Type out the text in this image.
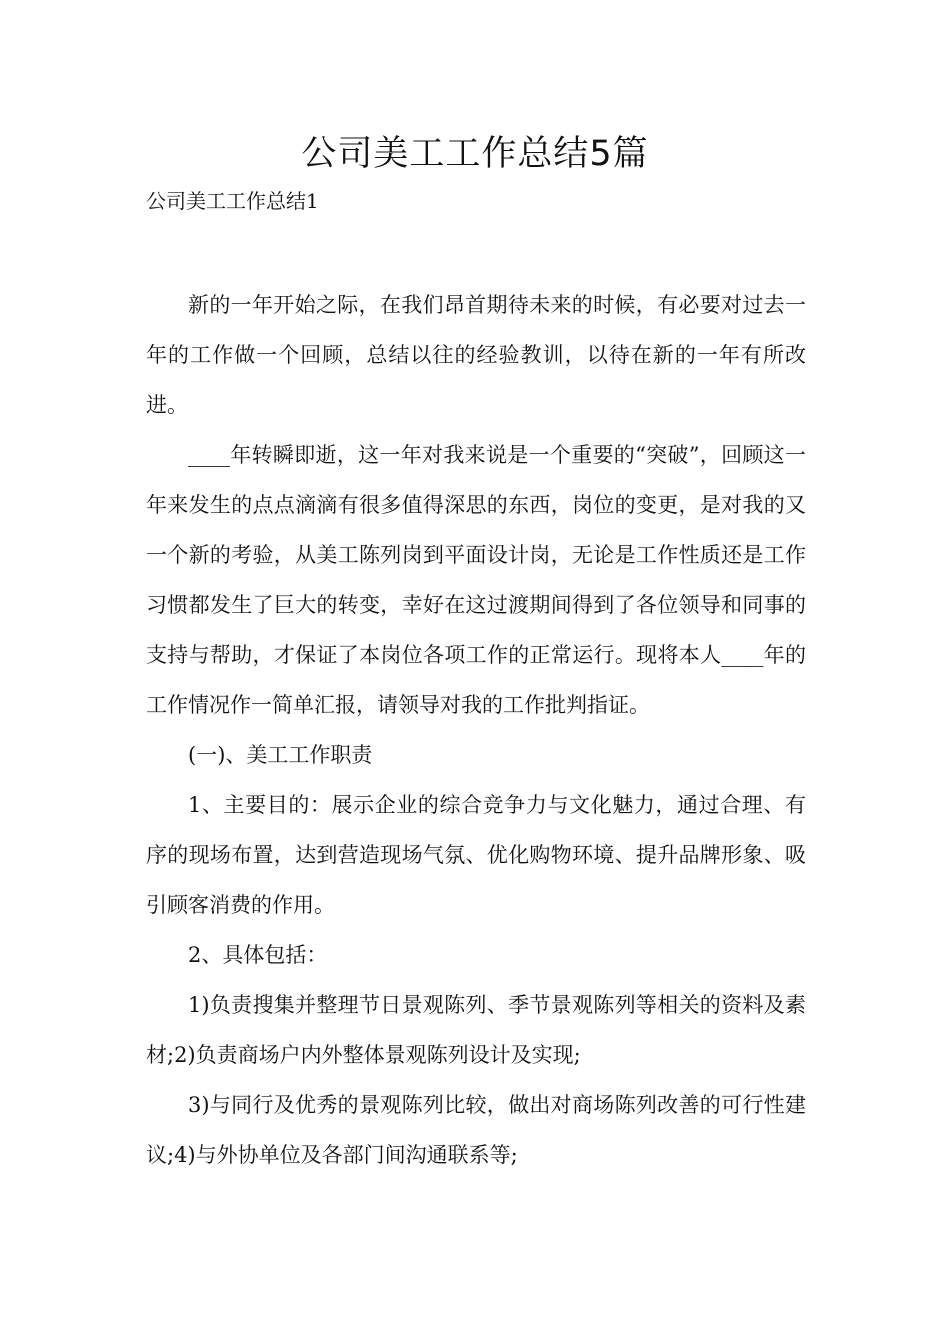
公司美工工作总结5篇
公司美工工作总结1

新的一年开始之际，在我们昂首期待未来的时候，有必要对过去一年的工作做一个回顾，总结以往的经验教训，以待在新的一年有所改进。

____年转瞬即逝，这一年对我来说是一个重要的“突破”，回顾这一年来发生的点点滴滴有很多值得深思的东西，岗位的变更，是对我的又一个新的考验，从美工陈列岗到平面设计岗，无论是工作性质还是工作习惯都发生了巨大的转变，幸好在这过渡期间得到了各位领导和同事的支持与帮助，才保证了本岗位各项工作的正常运行。现将本人____年的工作情况作一简单汇报，请领导对我的工作批判指证。

(一)、美工工作职责

1、主要目的：展示企业的综合竞争力与文化魅力，通过合理、有序的现场布置，达到营造现场气氛、优化购物环境、提升品牌形象、吸引顾客消费的作用。

2、具体包括：

1)负责搜集并整理节日景观陈列、季节景观陈列等相关的资料及素材;2)负责商场户内外整体景观陈列设计及实现;

3)与同行及优秀的景观陈列比较，做出对商场陈列改善的可行性建议;4)与外协单位及各部门间沟通联系等;
